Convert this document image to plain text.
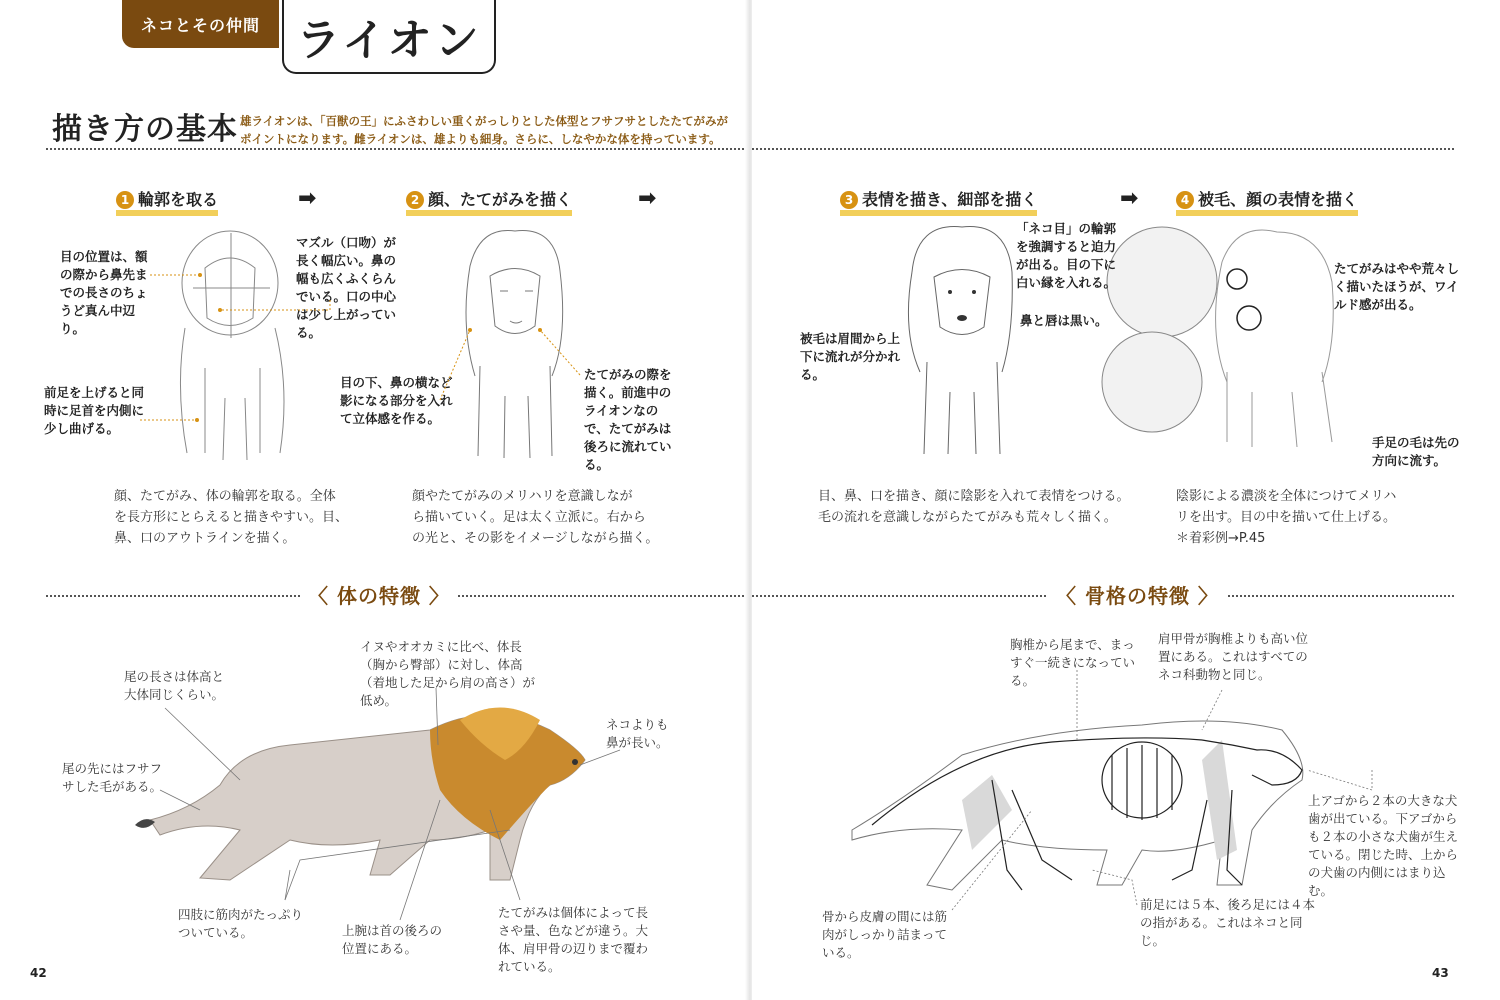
ネコとその仲間 ライオン
描き方の基本 雄ライオンは、「百獣の王」にふさわしい重くがっしりとした体型とフサフサとしたたてがみが
ポイントになります。雌ライオンは、雄よりも細身。さらに、しなやかな体を持っています。
1 輪郭を取る	➡	2 顔、たてがみを描く	➡
目の位置は、額の際から鼻先までの長さのちょうど真ん中辺り。
前足を上げると同時に足首を内側に少し曲げる。
マズル（口吻）が長く幅広い。鼻の幅も広くふくらんでいる。口の中心は少し上がっている。
目の下、鼻の横など影になる部分を入れて立体感を作る。
たてがみの際を描く。前進中のライオンなので、たてがみは後ろに流れている。
顔、たてがみ、体の輪郭を取る。全体
を長方形にとらえると描きやすい。目、
鼻、口のアウトラインを描く。
顔やたてがみのメリハリを意識しなが
ら描いていく。足は太く立派に。右から
の光と、その影をイメージしながら描く。
〈 体の特徴 〉
尾の長さは体高と大体同じくらい。
尾の先にはフサフサした毛がある。
イヌやオオカミに比べ、体長（胸から臀部）に対し、体高（着地した足から肩の高さ）が低め。
ネコよりも鼻が長い。
四肢に筋肉がたっぷりついている。	上腕は首の後ろの位置にある。
たてがみは個体によって長さや量、色などが違う。大体、肩甲骨の辺りまで覆われている。
42
3 表情を描き、細部を描く	➡	4 被毛、顔の表情を描く
「ネコ目」の輪郭を強調すると迫力が出る。目の下に白い縁を入れる。
鼻と唇は黒い。
被毛は眉間から上下に流れが分かれる。
たてがみはやや荒々しく描いたほうが、ワイルド感が出る。
手足の毛は先の方向に流す。
目、鼻、口を描き、顔に陰影を入れて表情をつける。
毛の流れを意識しながらたてがみも荒々しく描く。
陰影による濃淡を全体につけてメリハ
リを出す。目の中を描いて仕上げる。
＊着彩例→P.45
〈 骨格の特徴 〉
胸椎から尾まで、まっすぐ一続きになっている。
肩甲骨が胸椎よりも高い位置にある。これはすべてのネコ科動物と同じ。
上アゴから２本の大きな犬歯が出ている。下アゴからも２本の小さな犬歯が生えている。閉じた時、上からの犬歯の内側にはまり込む。
骨から皮膚の間には筋肉がしっかり詰まっている。
前足には５本、後ろ足には４本の指がある。これはネコと同じ。
43
